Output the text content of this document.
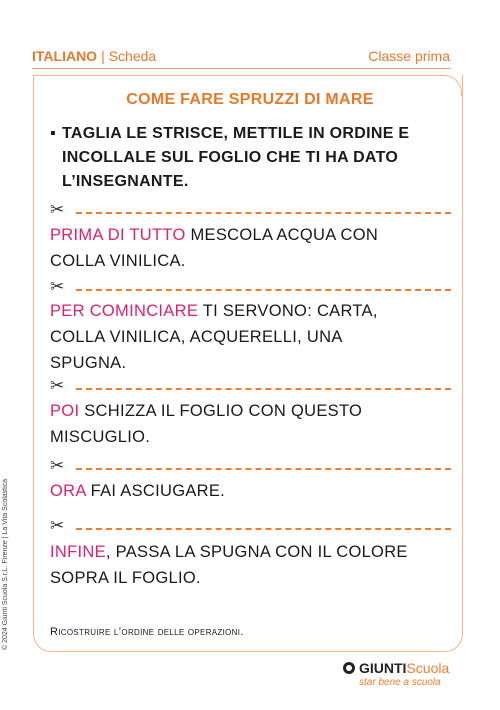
ITALIANO | Scheda	Classe prima
COME FARE SPRUZZI DI MARE
▪ TAGLIA LE STRISCE, METTILE IN ORDINE E INCOLLALE SUL FOGLIO CHE TI HA DATO L’INSEGNANTE.
✂
PRIMA DI TUTTO MESCOLA ACQUA CON
COLLA VINILICA.
✂
PER COMINCIARE TI SERVONO: CARTA,
COLLA VINILICA, ACQUERELLI, UNA
SPUGNA.
✂
POI SCHIZZA IL FOGLIO CON QUESTO
MISCUGLIO.
✂
ORA FAI ASCIUGARE.
✂
INFINE, PASSA LA SPUGNA CON IL COLORE
SOPRA IL FOGLIO.
Ricostruire l’ordine delle operazioni.
© 2024 Giunti Scuola S.r.L. Firenze | La Vita Scolastica
GIUNTI Scuola
star bene a scuola
